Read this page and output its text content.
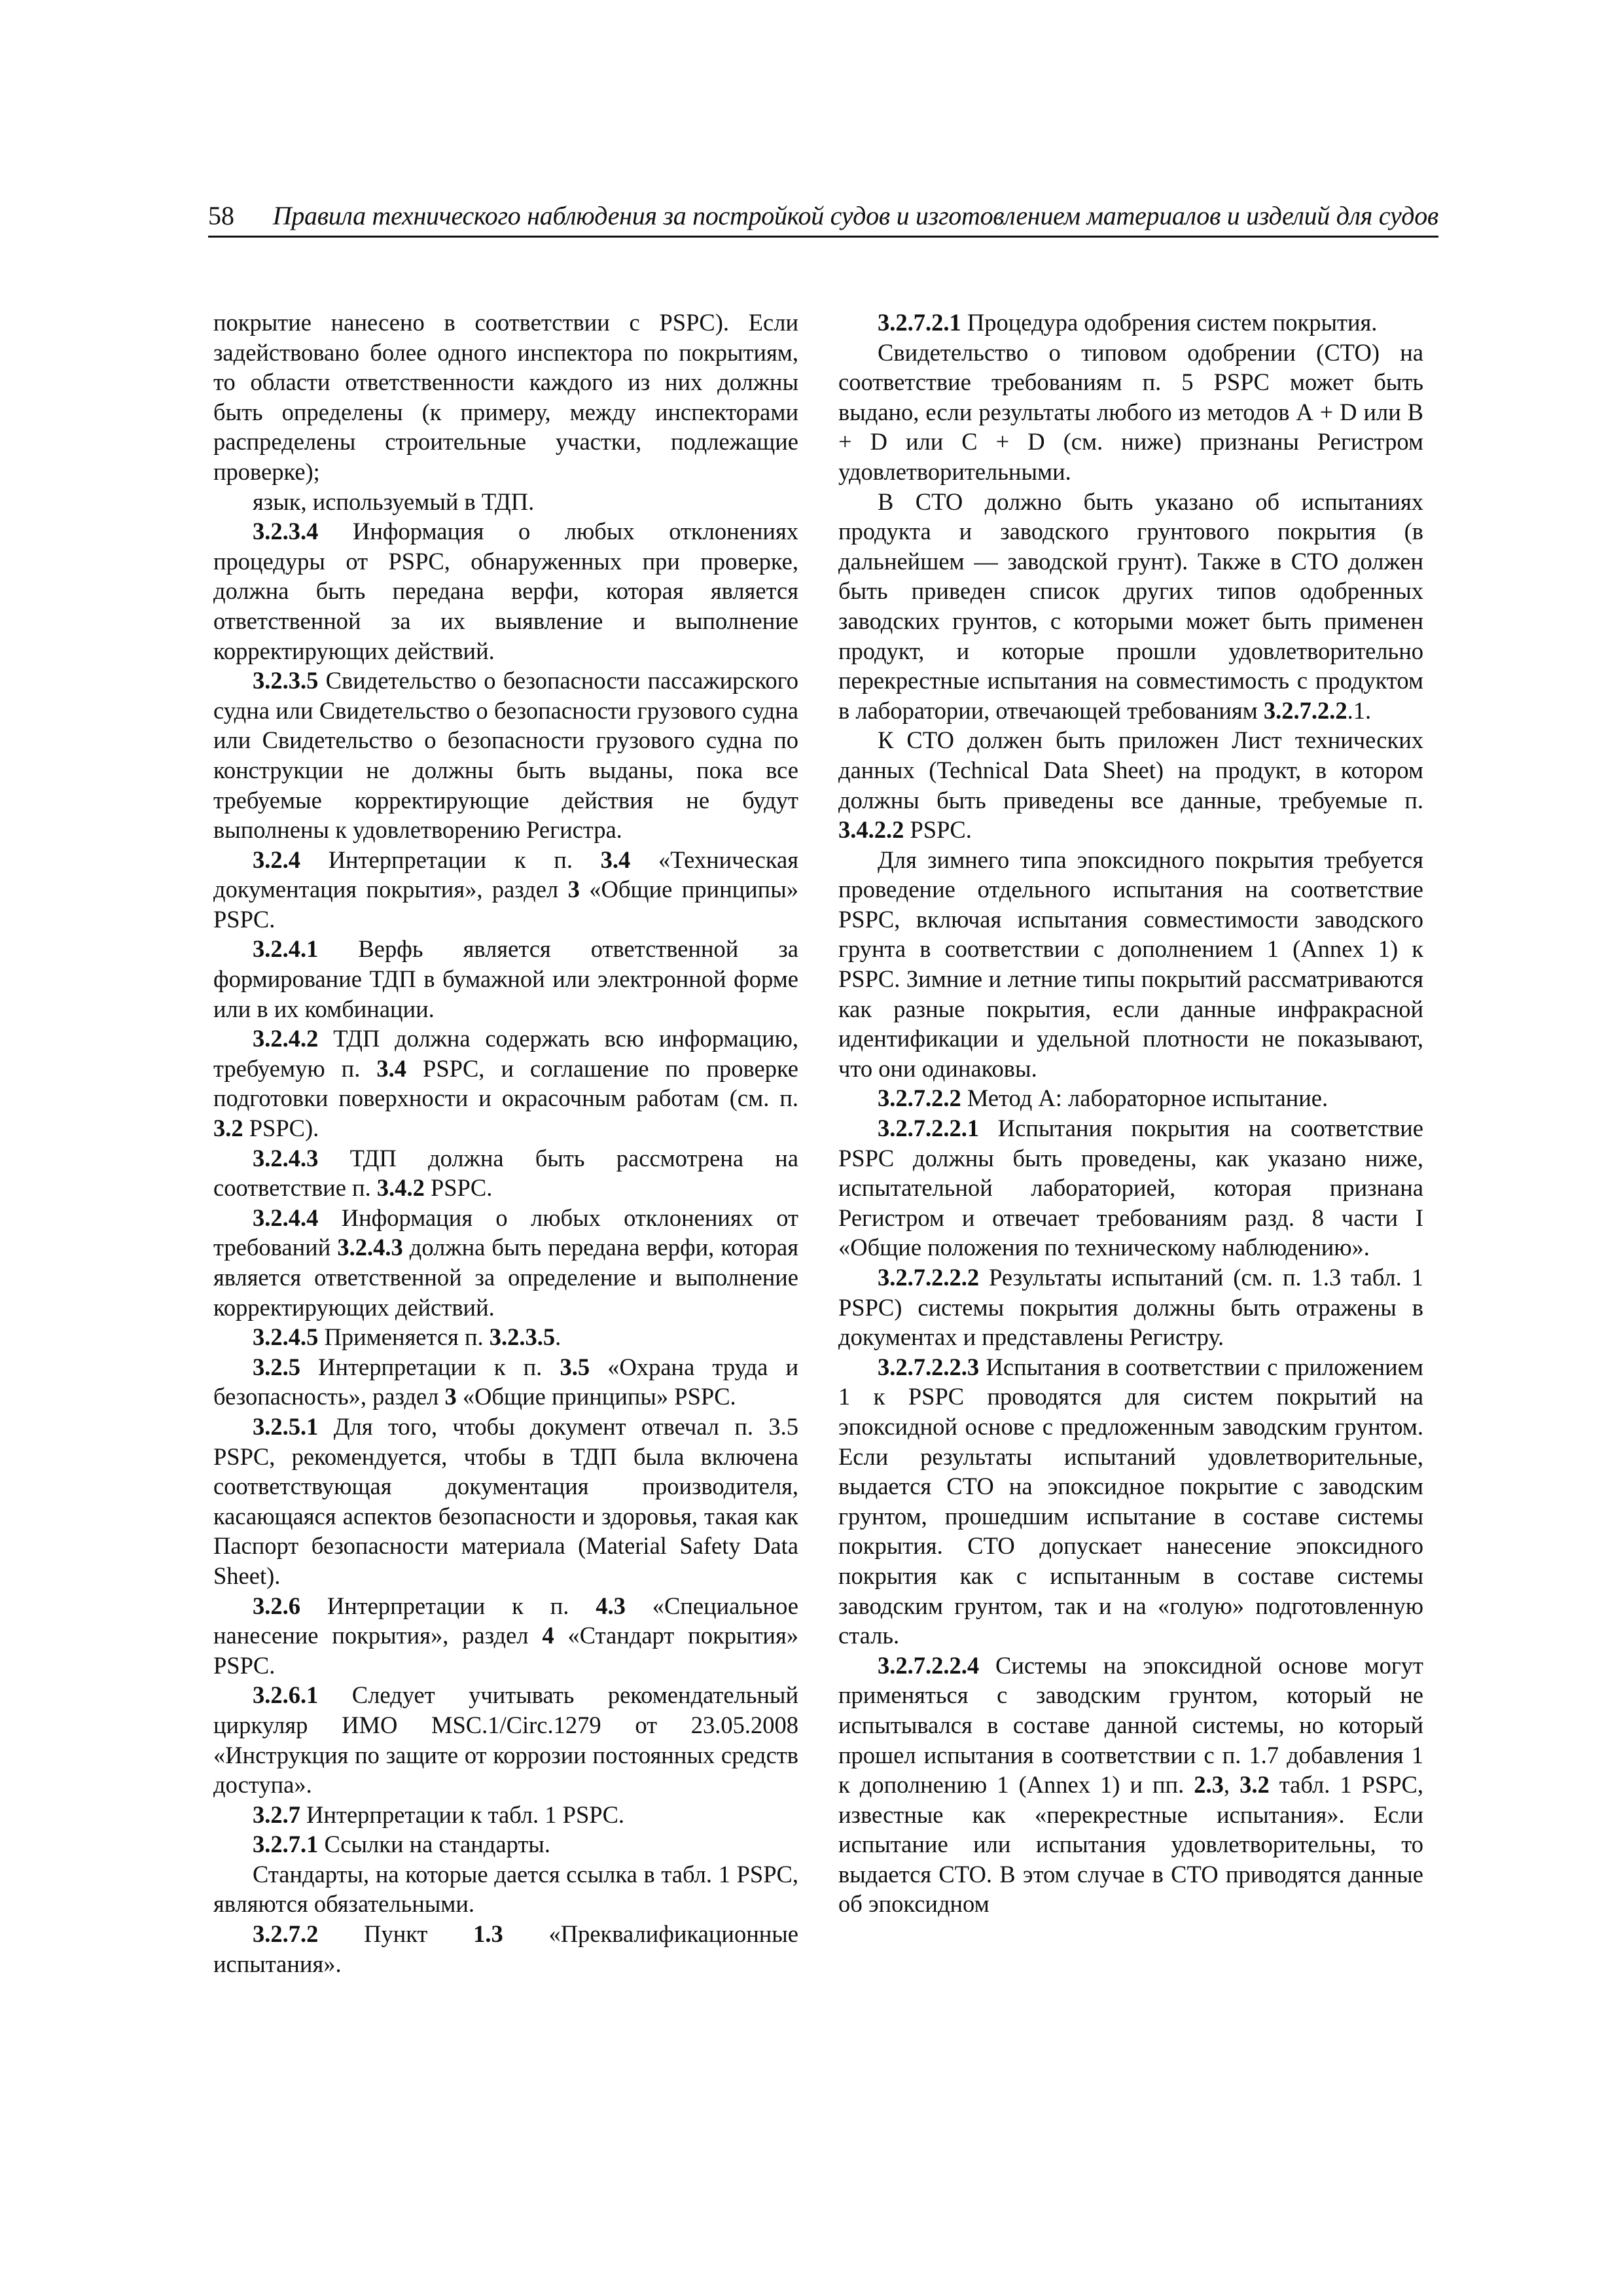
58 Правила технического наблюдения за постройкой судов и изготовлением материалов и изделий для судов

покрытие нанесено в соответствии с PSPC). Если задействовано более одного инспектора по покрытиям, то области ответственности каждого из них должны быть определены (к примеру, между инспекторами распределены строительные участки, подлежащие проверке);

язык, используемый в ТДП.

3.2.3.4 Информация о любых отклонениях процедуры от PSPC, обнаруженных при проверке, должна быть передана верфи, которая является ответственной за их выявление и выполнение корректирующих действий.

3.2.3.5 Свидетельство о безопасности пассажирского судна или Свидетельство о безопасности грузового судна или Свидетельство о безопасности грузового судна по конструкции не должны быть выданы, пока все требуемые корректирующие действия не будут выполнены к удовлетворению Регистра.

3.2.4 Интерпретации к п. 3.4 «Техническая документация покрытия», раздел 3 «Общие принципы» PSPC.

3.2.4.1 Верфь является ответственной за формирование ТДП в бумажной или электронной форме или в их комбинации.

3.2.4.2 ТДП должна содержать всю информацию, требуемую п. 3.4 PSPC, и соглашение по проверке подготовки поверхности и окрасочным работам (см. п. 3.2 PSPC).

3.2.4.3 ТДП должна быть рассмотрена на соответствие п. 3.4.2 PSPC.

3.2.4.4 Информация о любых отклонениях от требований 3.2.4.3 должна быть передана верфи, которая является ответственной за определение и выполнение корректирующих действий.

3.2.4.5 Применяется п. 3.2.3.5.

3.2.5 Интерпретации к п. 3.5 «Охрана труда и безопасность», раздел 3 «Общие принципы» PSPC.

3.2.5.1 Для того, чтобы документ отвечал п. 3.5 PSPC, рекомендуется, чтобы в ТДП была включена соответствующая документация производителя, касающаяся аспектов безопасности и здоровья, такая как Паспорт безопасности материала (Material Safety Data Sheet).

3.2.6 Интерпретации к п. 4.3 «Специальное нанесение покрытия», раздел 4 «Стандарт покрытия» PSPC.

3.2.6.1 Следует учитывать рекомендательный циркуляр ИМО MSC.1/Circ.1279 от 23.05.2008 «Инструкция по защите от коррозии постоянных средств доступа».

3.2.7 Интерпретации к табл. 1 PSPC.

3.2.7.1 Ссылки на стандарты.

Стандарты, на которые дается ссылка в табл. 1 PSPC, являются обязательными.

3.2.7.2 Пункт 1.3 «Преквалификационные испытания».

3.2.7.2.1 Процедура одобрения систем покрытия.

Свидетельство о типовом одобрении (СТО) на соответствие требованиям п. 5 PSPC может быть выдано, если результаты любого из методов А + D или В + D или С + D (см. ниже) признаны Регистром удовлетворительными.

В СТО должно быть указано об испытаниях продукта и заводского грунтового покрытия (в дальнейшем — заводской грунт). Также в СТО должен быть приведен список других типов одобренных заводских грунтов, с которыми может быть применен продукт, и которые прошли удовлетворительно перекрестные испытания на совместимость с продуктом в лаборатории, отвечающей требованиям 3.2.7.2.2.1.

К СТО должен быть приложен Лист технических данных (Technical Data Sheet) на продукт, в котором должны быть приведены все данные, требуемые п. 3.4.2.2 PSPC.

Для зимнего типа эпоксидного покрытия требуется проведение отдельного испытания на соответствие PSPC, включая испытания совместимости заводского грунта в соответствии с дополнением 1 (Annex 1) к PSPC. Зимние и летние типы покрытий рассматриваются как разные покрытия, если данные инфракрасной идентификации и удельной плотности не показывают, что они одинаковы.

3.2.7.2.2 Метод А: лабораторное испытание.

3.2.7.2.2.1 Испытания покрытия на соответствие PSPC должны быть проведены, как указано ниже, испытательной лабораторией, которая признана Регистром и отвечает требованиям разд. 8 части I «Общие положения по техническому наблюдению».

3.2.7.2.2.2 Результаты испытаний (см. п. 1.3 табл. 1 PSPC) системы покрытия должны быть отражены в документах и представлены Регистру.

3.2.7.2.2.3 Испытания в соответствии с приложением 1 к PSPC проводятся для систем покрытий на эпоксидной основе с предложенным заводским грунтом. Если результаты испытаний удовлетворительные, выдается СТО на эпоксидное покрытие с заводским грунтом, прошедшим испытание в составе системы покрытия. СТО допускает нанесение эпоксидного покрытия как с испытанным в составе системы заводским грунтом, так и на «голую» подготовленную сталь.

3.2.7.2.2.4 Системы на эпоксидной основе могут применяться с заводским грунтом, который не испытывался в составе данной системы, но который прошел испытания в соответствии с п. 1.7 добавления 1 к дополнению 1 (Annex 1) и пп. 2.3, 3.2 табл. 1 PSPC, известные как «перекрестные испытания». Если испытание или испытания удовлетворительны, то выдается СТО. В этом случае в СТО приводятся данные об эпоксидном
